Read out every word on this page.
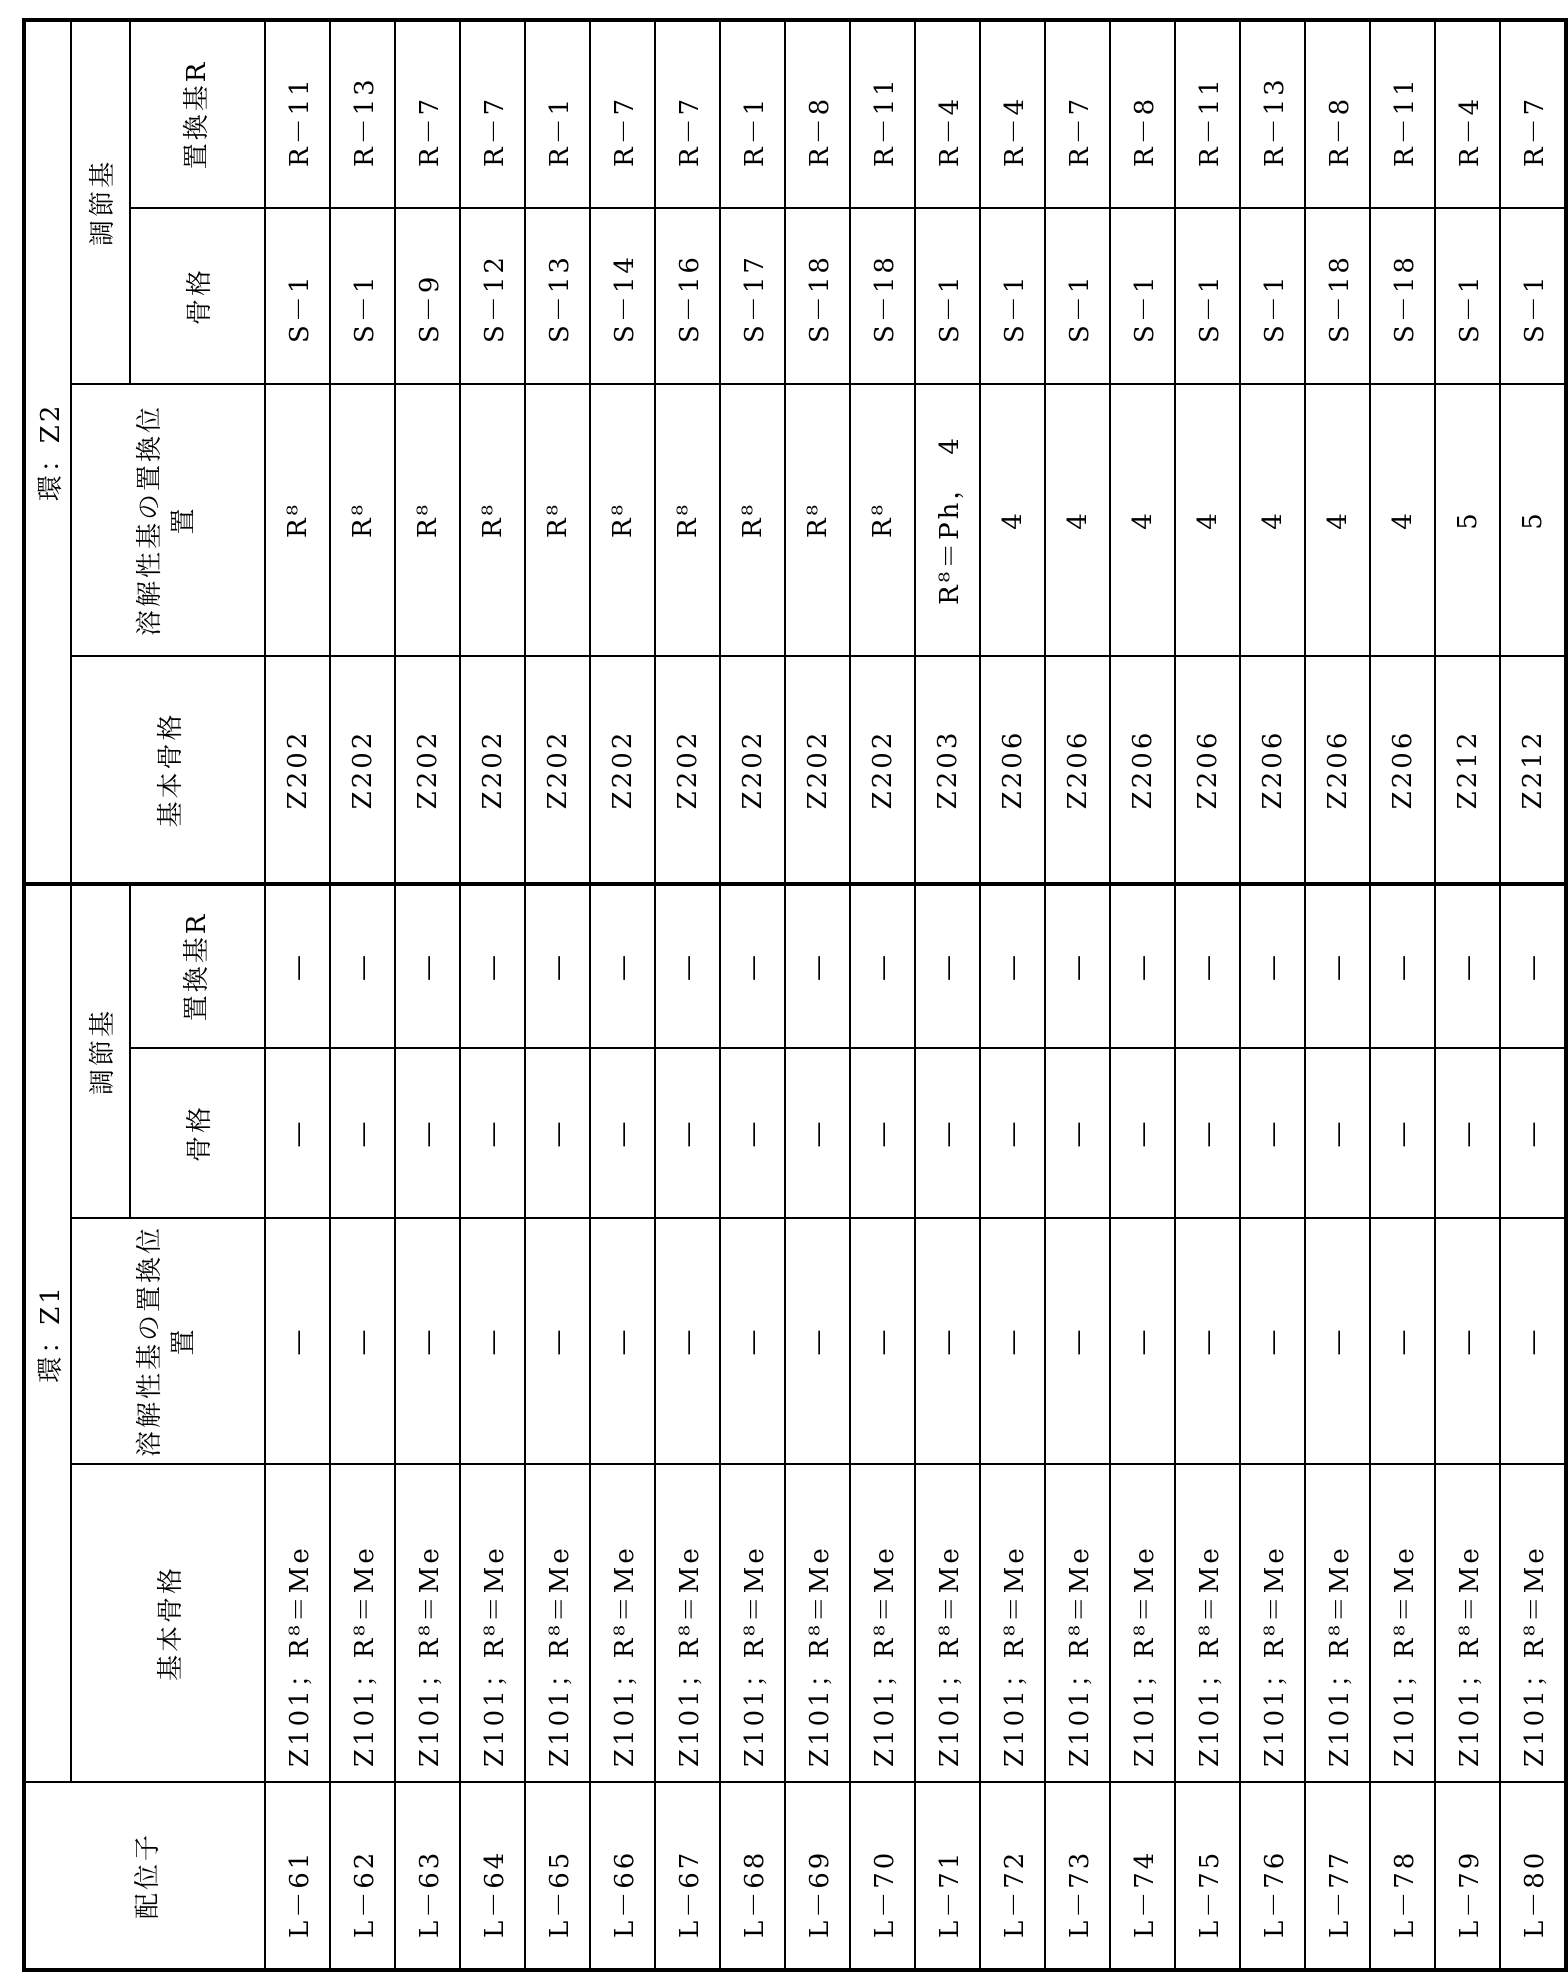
配位子	環：Z1	環：Z2
基本骨格	溶解性基の置換位置	調節基	基本骨格	溶解性基の置換位置	調節基
骨格	置換基R	骨格	置換基R
L－61	Z101；R⁸＝Me	—	—	—	Z202	R⁸	S－1	R－11
L－62	Z101；R⁸＝Me	—	—	—	Z202	R⁸	S－1	R－13
L－63	Z101；R⁸＝Me	—	—	—	Z202	R⁸	S－9	R－7
L－64	Z101；R⁸＝Me	—	—	—	Z202	R⁸	S－12	R－7
L－65	Z101；R⁸＝Me	—	—	—	Z202	R⁸	S－13	R－1
L－66	Z101；R⁸＝Me	—	—	—	Z202	R⁸	S－14	R－7
L－67	Z101；R⁸＝Me	—	—	—	Z202	R⁸	S－16	R－7
L－68	Z101；R⁸＝Me	—	—	—	Z202	R⁸	S－17	R－1
L－69	Z101；R⁸＝Me	—	—	—	Z202	R⁸	S－18	R－8
L－70	Z101；R⁸＝Me	—	—	—	Z202	R⁸	S－18	R－11
L－71	Z101；R⁸＝Me	—	—	—	Z203	R⁸＝Ph，　4	S－1	R－4
L－72	Z101；R⁸＝Me	—	—	—	Z206	4	S－1	R－4
L－73	Z101；R⁸＝Me	—	—	—	Z206	4	S－1	R－7
L－74	Z101；R⁸＝Me	—	—	—	Z206	4	S－1	R－8
L－75	Z101；R⁸＝Me	—	—	—	Z206	4	S－1	R－11
L－76	Z101；R⁸＝Me	—	—	—	Z206	4	S－1	R－13
L－77	Z101；R⁸＝Me	—	—	—	Z206	4	S－18	R－8
L－78	Z101；R⁸＝Me	—	—	—	Z206	4	S－18	R－11
L－79	Z101；R⁸＝Me	—	—	—	Z212	5	S－1	R－4
L－80	Z101；R⁸＝Me	—	—	—	Z212	5	S－1	R－7
